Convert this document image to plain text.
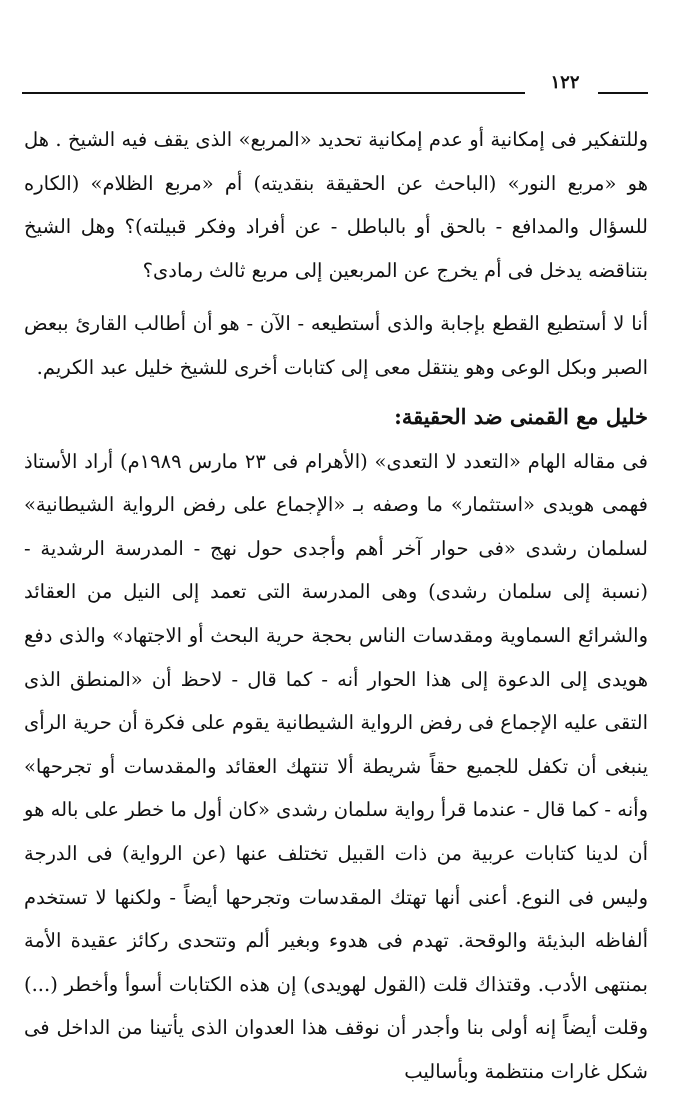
١٢٢

وللتفكير فى إمكانية أو عدم إمكانية تحديد «المربع» الذى يقف فيه الشيخ . هل هو «مربع النور» (الباحث عن الحقيقة بنقديته) أم «مربع الظلام» (الكاره للسؤال والمدافع - بالحق أو بالباطل - عن أفراد وفكر قبيلته)؟ وهل الشيخ بتناقضه يدخل فى أم يخرج عن المربعين إلى مربع ثالث رمادى؟

أنا لا أستطيع القطع بإجابة والذى أستطيعه - الآن - هو أن أطالب القارئ ببعض الصبر وبكل الوعى وهو ينتقل معى إلى كتابات أخرى للشيخ خليل عبد الكريم.

خليل مع القمنى ضد الحقيقة:

فى مقاله الهام «التعدد لا التعدى» (الأهرام فى ٢٣ مارس ١٩٨٩م) أراد الأستاذ فهمى هويدى «استثمار» ما وصفه بـ «الإجماع على رفض الرواية الشيطانية» لسلمان رشدى «فى حوار آخر أهم وأجدى حول نهج - المدرسة الرشدية - (نسبة إلى سلمان رشدى) وهى المدرسة التى تعمد إلى النيل من العقائد والشرائع السماوية ومقدسات الناس بحجة حرية البحث أو الاجتهاد» والذى دفع هويدى إلى الدعوة إلى هذا الحوار أنه - كما قال - لاحظ أن «المنطق الذى التقى عليه الإجماع فى رفض الرواية الشيطانية يقوم على فكرة أن حرية الرأى ينبغى أن تكفل للجميع حقاً شريطة ألا تنتهك العقائد والمقدسات أو تجرحها» وأنه - كما قال - عندما قرأ رواية سلمان رشدى «كان أول ما خطر على باله هو أن لدينا كتابات عربية من ذات القبيل تختلف عنها (عن الرواية) فى الدرجة وليس فى النوع. أعنى أنها تهتك المقدسات وتجرحها أيضاً - ولكنها لا تستخدم ألفاظه البذيئة والوقحة. تهدم فى هدوء وبغير ألم وتتحدى ركائز عقيدة الأمة بمنتهى الأدب. وقتذاك قلت (القول لهويدى) إن هذه الكتابات أسوأ وأخطر (...) وقلت أيضاً إنه أولى بنا وأجدر أن نوقف هذا العدوان الذى يأتينا من الداخل فى شكل غارات منتظمة وبأساليب
